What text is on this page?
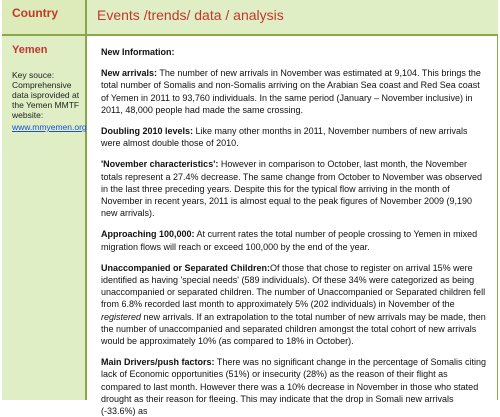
Country	Events /trends/ data / analysis
Yemen
Key souce: Comprehensive data isprovided at the Yemen MMTF website:
www.mmyemen.org

New Information:

New arrivals: The number of new arrivals in November was estimated at 9,104. This brings the total number of Somalis and non-Somalis arriving on the Arabian Sea coast and Red Sea coast of Yemen in 2011 to 93,760 individuals. In the same period (January – November inclusive) in 2011, 48,000 people had made the same crossing.

Doubling 2010 levels: Like many other months in 2011, November numbers of new arrivals were almost double those of 2010.

'November characteristics': However in comparison to October, last month, the November totals represent a 27.4% decrease. The same change from October to November was observed in the last three preceding years. Despite this for the typical flow arriving in the month of November in recent years, 2011 is almost equal to the peak figures of November 2009 (9,190 new arrivals).

Approaching 100,000: At current rates the total number of people crossing to Yemen in mixed migration flows will reach or exceed 100,000 by the end of the year.

Unaccompanied or Separated Children:Of those that chose to register on arrival 15% were identified as having 'special needs' (589 individuals). Of these 34% were categorized as being unaccompanied or separated children. The number of Unaccompanied or Separated children fell from 6.8% recorded last month to approximately 5% (202 individuals) in November of the registered new arrivals. If an extrapolation to the total number of new arrivals may be made, then the number of unaccompanied and separated children amongst the total cohort of new arrivals would be approximately 10% (as compared to 18% in October).

Main Drivers/push factors: There was no significant change in the percentage of Somalis citing lack of Economic opportunities (51%) or insecurity (28%) as the reason of their flight as compared to last month. However there was a 10% decrease in November in those who stated drought as their reason for fleeing. This may indicate that the drop in Somali new arrivals (-33.6%) as
